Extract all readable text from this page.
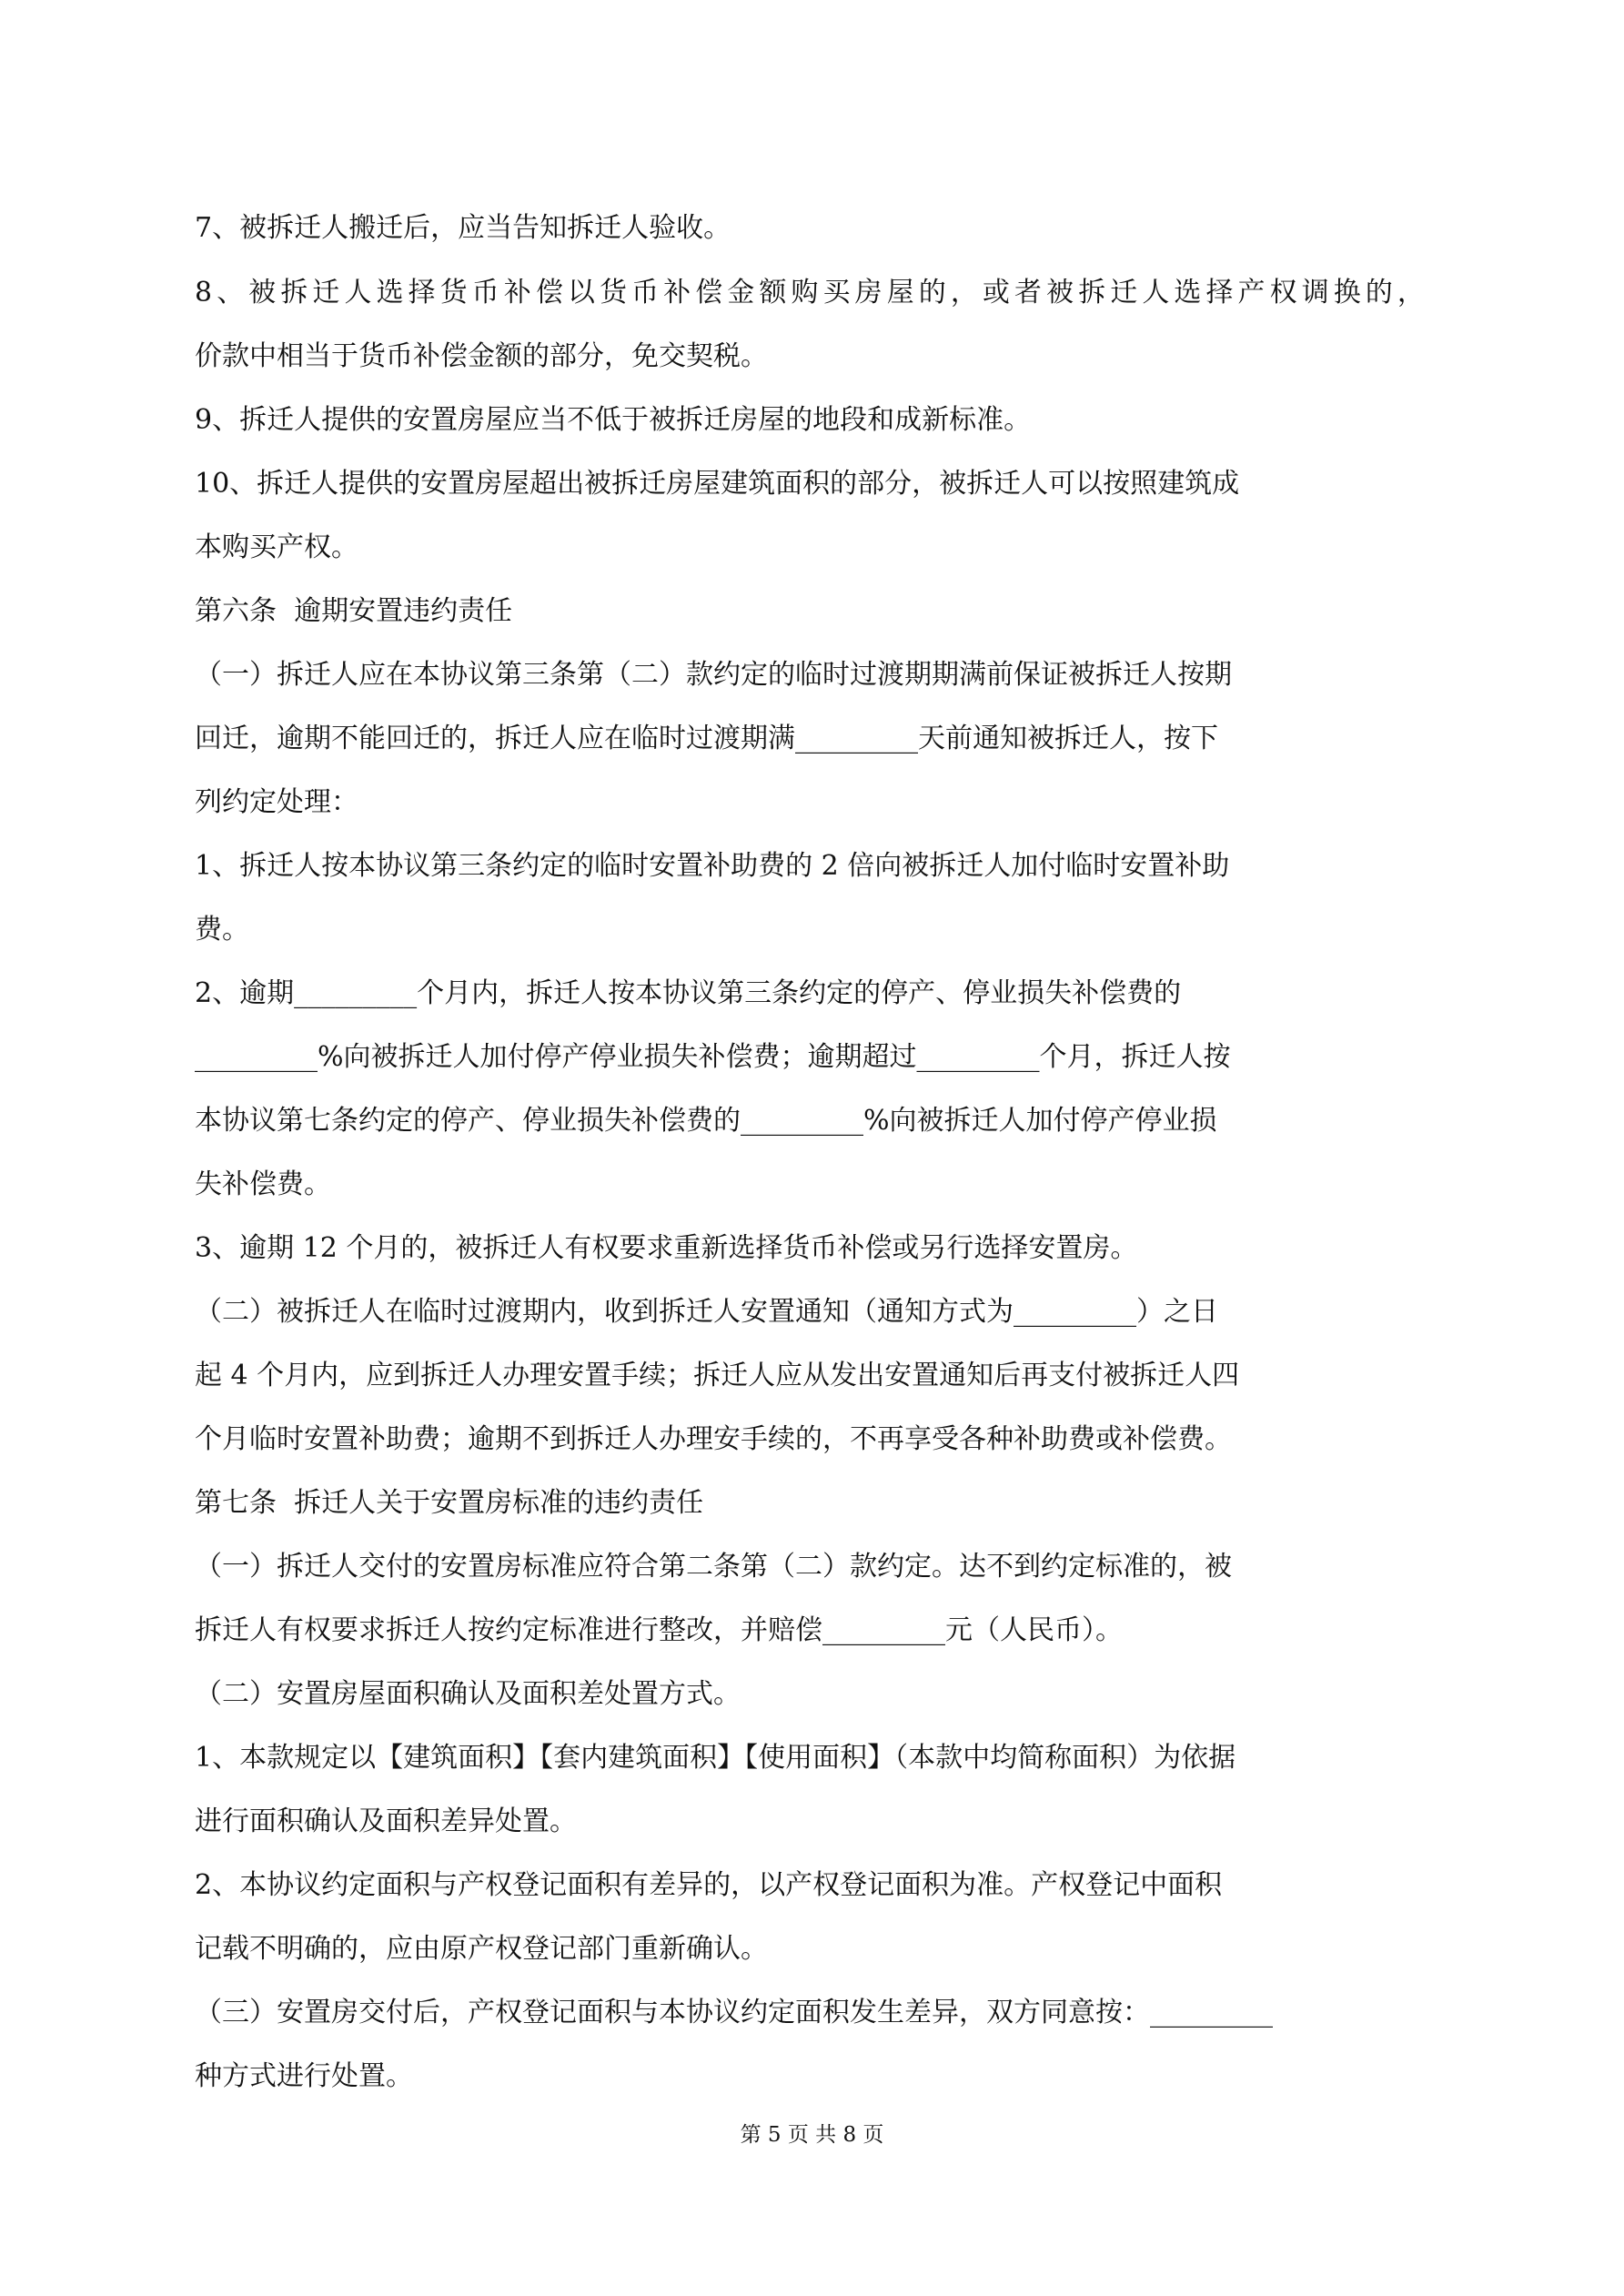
7、被拆迁人搬迁后，应当告知拆迁人验收。
8、被拆迁人选择货币补偿以货币补偿金额购买房屋的，或者被拆迁人选择产权调换的，
价款中相当于货币补偿金额的部分，免交契税。
9、拆迁人提供的安置房屋应当不低于被拆迁房屋的地段和成新标准。
10、拆迁人提供的安置房屋超出被拆迁房屋建筑面积的部分，被拆迁人可以按照建筑成
本购买产权。
第六条  逾期安置违约责任
（一）拆迁人应在本协议第三条第（二）款约定的临时过渡期期满前保证被拆迁人按期
回迁，逾期不能回迁的，拆迁人应在临时过渡期满_________天前通知被拆迁人，按下
列约定处理：
1、拆迁人按本协议第三条约定的临时安置补助费的 2 倍向被拆迁人加付临时安置补助
费。
2、逾期_________个月内，拆迁人按本协议第三条约定的停产、停业损失补偿费的
_________%向被拆迁人加付停产停业损失补偿费；逾期超过_________个月，拆迁人按
本协议第七条约定的停产、停业损失补偿费的_________%向被拆迁人加付停产停业损
失补偿费。
3、逾期 12 个月的，被拆迁人有权要求重新选择货币补偿或另行选择安置房。
（二）被拆迁人在临时过渡期内，收到拆迁人安置通知（通知方式为_________）之日
起 4 个月内，应到拆迁人办理安置手续；拆迁人应从发出安置通知后再支付被拆迁人四
个月临时安置补助费；逾期不到拆迁人办理安手续的，不再享受各种补助费或补偿费。
第七条  拆迁人关于安置房标准的违约责任
（一）拆迁人交付的安置房标准应符合第二条第（二）款约定。达不到约定标准的，被
拆迁人有权要求拆迁人按约定标准进行整改，并赔偿_________元（人民币）。
（二）安置房屋面积确认及面积差处置方式。
1、本款规定以【建筑面积】【套内建筑面积】【使用面积】（本款中均简称面积）为依据
进行面积确认及面积差异处置。
2、本协议约定面积与产权登记面积有差异的，以产权登记面积为准。产权登记中面积
记载不明确的，应由原产权登记部门重新确认。
（三）安置房交付后，产权登记面积与本协议约定面积发生差异，双方同意按：_________
种方式进行处置。
第 5 页 共 8 页
